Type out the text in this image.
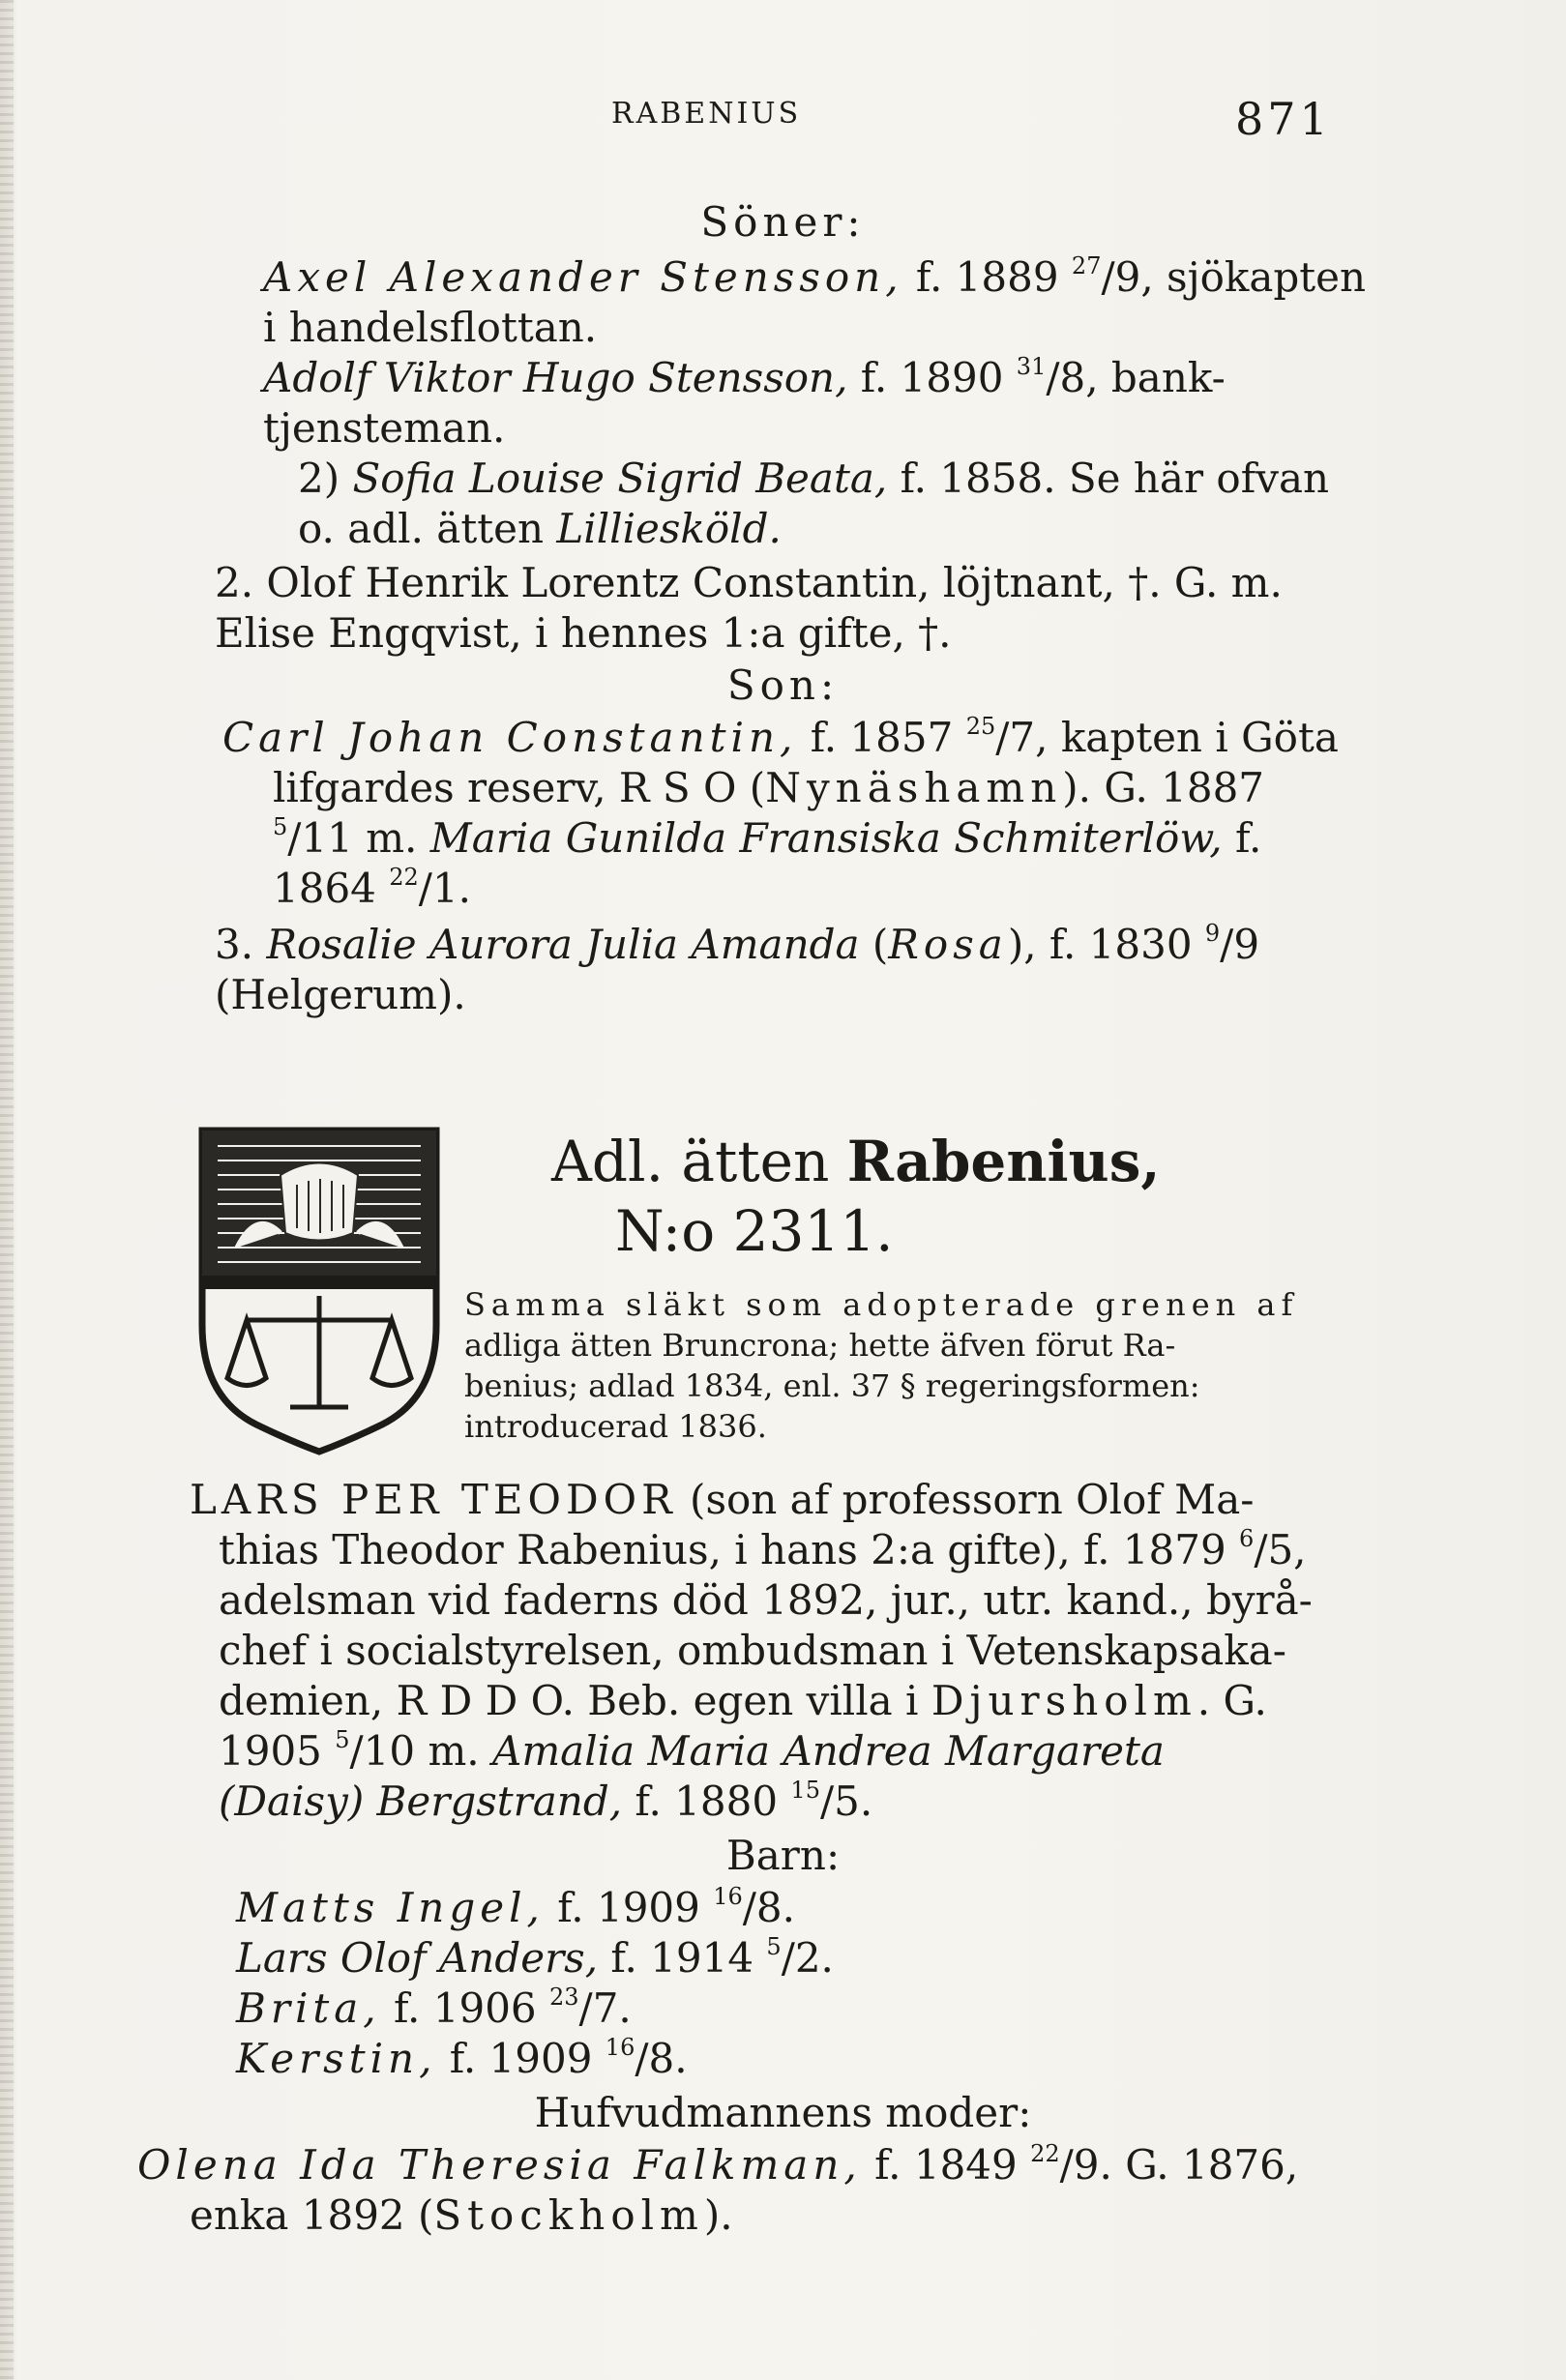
RABENIUS	871
Söner:
Axel Alexander Stensson, f. 1889 $^{27}$/9, sjökapten
i handelsflottan.
Adolf Viktor Hugo Stensson, f. 1890 $^{31}$/8, bank-
tjensteman.
2) Sofia Louise Sigrid Beata, f. 1858. Se här ofvan
o. adl. ätten Lilliesköld.
2. Olof Henrik Lorentz Constantin, löjtnant, †. G. m.
Elise Engqvist, i hennes 1:a gifte, †.
Son:
Carl Johan Constantin, f. 1857 $^{25}$/7, kapten i Göta
lifgardes reserv, R S O (Nynäshamn). G. 1887
$^5$/11 m. Maria Gunilda Fransiska Schmiterlöw, f.
1864 $^{22}$/1.
3. Rosalie Aurora Julia Amanda (Rosa), f. 1830 $^9$/9
(Helgerum).
Adl. ätten Rabenius,
N:o 2311.
Samma släkt som adopterade grenen af
adliga ätten Bruncrona; hette äfven förut Ra-
benius; adlad 1834, enl. 37 § regeringsformen:
introducerad 1836.
LARS PER TEODOR (son af professorn Olof Ma-
thias Theodor Rabenius, i hans 2:a gifte), f. 1879 $^6$/5,
adelsman vid faderns död 1892, jur., utr. kand., byrå-
chef i socialstyrelsen, ombudsman i Vetenskapsaka-
demien, R D D O. Beb. egen villa i Djursholm. G.
1905 $^5$/10 m. Amalia Maria Andrea Margareta
(Daisy) Bergstrand, f. 1880 $^{15}$/5.
Barn:
Matts Ingel, f. 1909 $^{16}$/8.
Lars Olof Anders, f. 1914 $^5$/2.
Brita, f. 1906 $^{23}$/7.
Kerstin, f. 1909 $^{16}$/8.
Hufvudmannens moder:
Olena Ida Theresia Falkman, f. 1849 $^{22}$/9. G. 1876,
enka 1892 (Stockholm).
